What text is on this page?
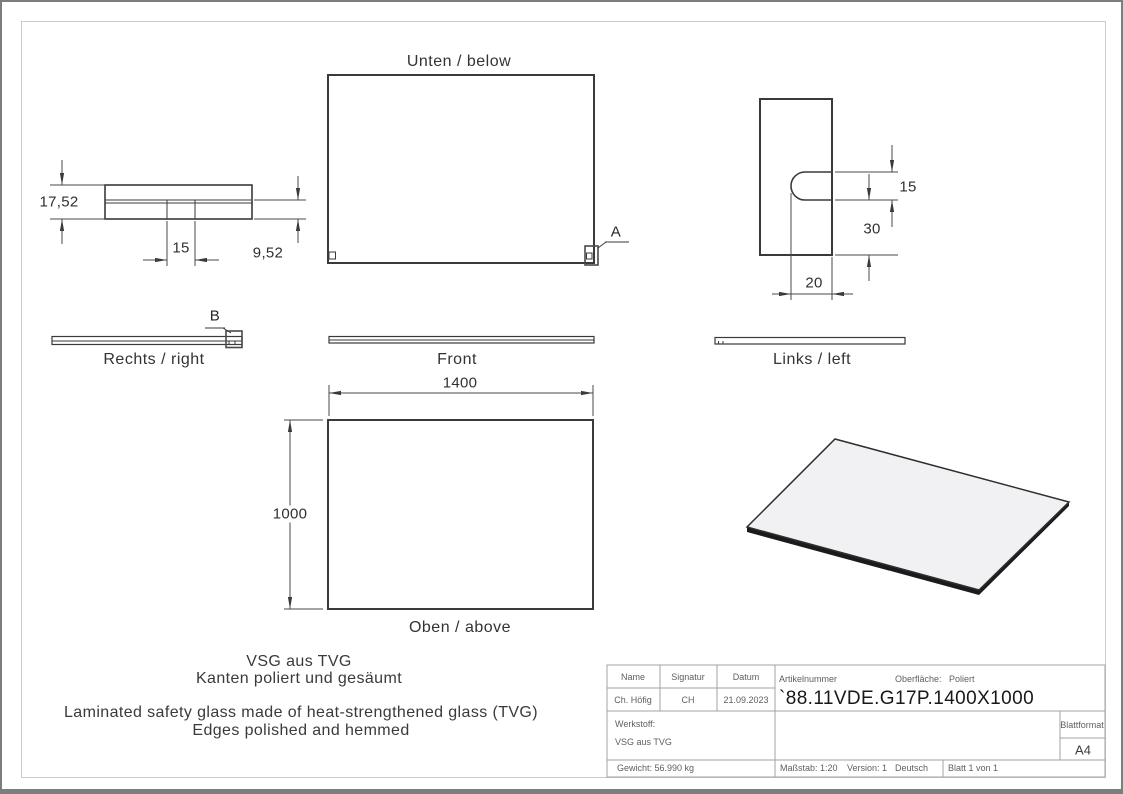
Unten / below
Rechts / right	Front	Links / left
Oben / above
A
B
17,52
15	9,52
1400
1000
15
30
20
VSG aus TVG
Kanten poliert und gesäumt
Laminated safety glass made of heat-strengthened glass (TVG)
Edges polished and hemmed
Name	Signatur	Datum
Ch. Höfig	CH	21.09.2023
Artikelnummer	Oberfläche: Poliert
`88.11VDE.G17P.1400X1000
Werkstoff:
VSG aus TVG
Blattformat
A4
Gewicht: 56.990 kg	Maßstab: 1:20 Version: 1 Deutsch Blatt 1 von 1
